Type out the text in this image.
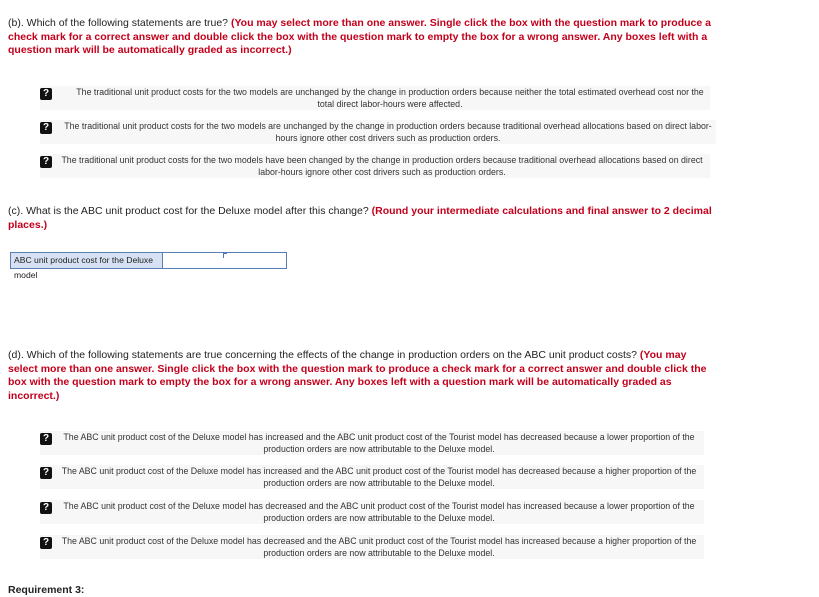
(b). Which of the following statements are true? (You may select more than one answer. Single click the box with the question mark to produce a check mark for a correct answer and double click the box with the question mark to empty the box for a wrong answer. Any boxes left with a question mark will be automatically graded as incorrect.)
?	The traditional unit product costs for the two models are unchanged by the change in production orders because neither the total estimated overhead cost nor the total direct labor-hours were affected.
?	The traditional unit product costs for the two models are unchanged by the change in production orders because traditional overhead allocations based on direct labor-hours ignore other cost drivers such as production orders.
?	The traditional unit product costs for the two models have been changed by the change in production orders because traditional overhead allocations based on direct labor-hours ignore other cost drivers such as production orders.
(c). What is the ABC unit product cost for the Deluxe model after this change? (Round your intermediate calculations and final answer to 2 decimal places.)
ABC unit product cost for the Deluxe model
(d). Which of the following statements are true concerning the effects of the change in production orders on the ABC unit product costs? (You may select more than one answer. Single click the box with the question mark to produce a check mark for a correct answer and double click the box with the question mark to empty the box for a wrong answer. Any boxes left with a question mark will be automatically graded as incorrect.)
?	The ABC unit product cost of the Deluxe model has increased and the ABC unit product cost of the Tourist model has decreased because a lower proportion of the production orders are now attributable to the Deluxe model.
?	The ABC unit product cost of the Deluxe model has increased and the ABC unit product cost of the Tourist model has decreased because a higher proportion of the production orders are now attributable to the Deluxe model.
?	The ABC unit product cost of the Deluxe model has decreased and the ABC unit product cost of the Tourist model has increased because a lower proportion of the production orders are now attributable to the Deluxe model.
?	The ABC unit product cost of the Deluxe model has decreased and the ABC unit product cost of the Tourist model has increased because a higher proportion of the production orders are now attributable to the Deluxe model.
Requirement 3:
